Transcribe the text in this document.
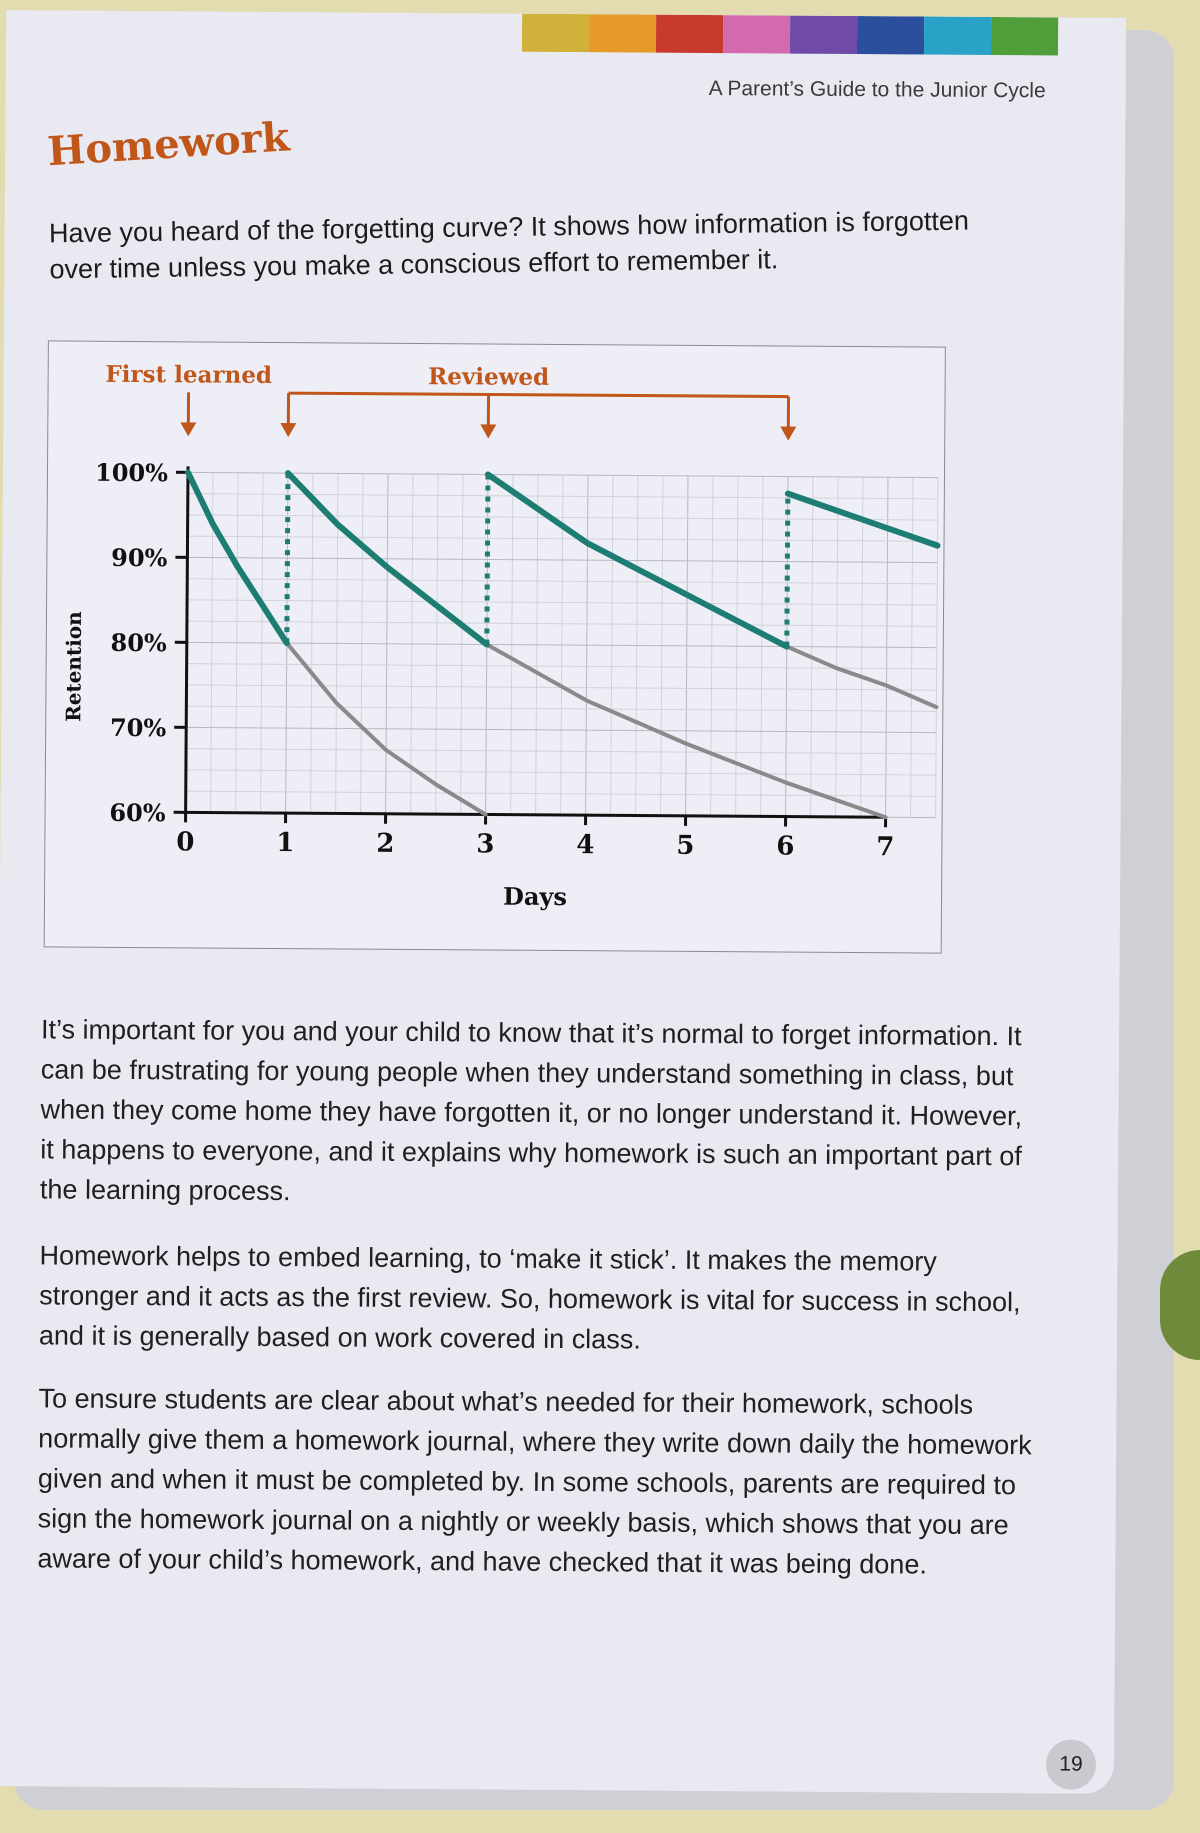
A Parent’s Guide to the Junior Cycle
Homework
Have you heard of the forgetting curve? It shows how information is forgotten over time unless you make a conscious effort to remember it.
0	1	2	3	4	5	6	7
60%
70%
80%
90%
100%
Days
Retention
First learned	Reviewed

It’s important for you and your child to know that it’s normal to forget information. It can be frustrating for young people when they understand something in class, but when they come home they have forgotten it, or no longer understand it. However, it happens to everyone, and it explains why homework is such an important part of the learning process.

Homework helps to embed learning, to ‘make it stick’. It makes the memory stronger and it acts as the first review. So, homework is vital for success in school, and it is generally based on work covered in class.

To ensure students are clear about what’s needed for their homework, schools normally give them a homework journal, where they write down daily the homework given and when it must be completed by. In some schools, parents are required to sign the homework journal on a nightly or weekly basis, which shows that you are aware of your child’s homework, and have checked that it was being done.

19
